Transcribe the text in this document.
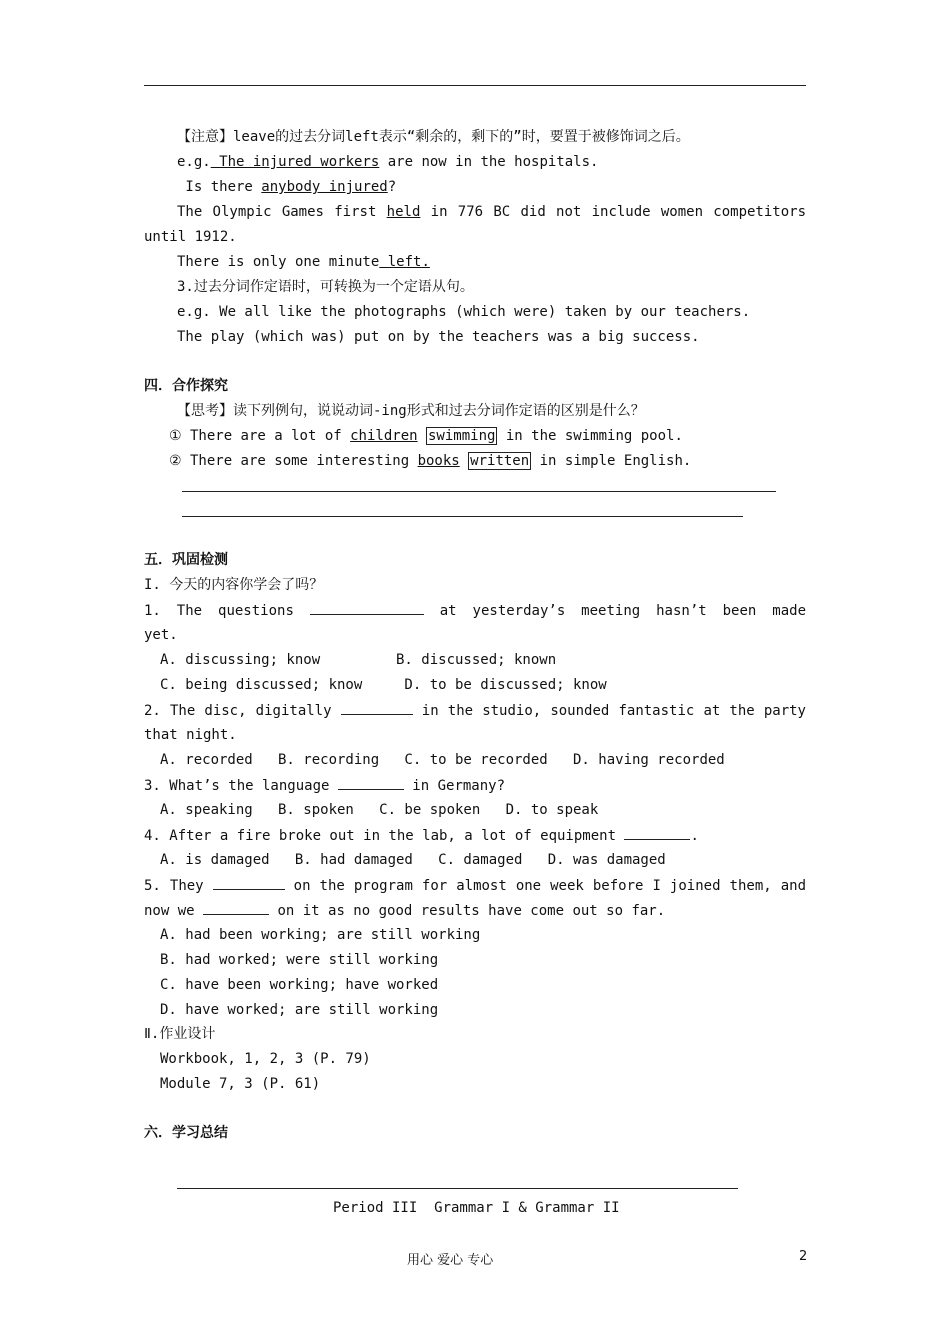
【注意】leave的过去分词left表示“剩余的，剩下的”时，要置于被修饰词之后。
e.g. The injured workers are now in the hospitals.
Is there anybody injured?
The Olympic Games first held in 776 BC did not include women competitors
until 1912.
There is only one minute left.
3.过去分词作定语时，可转换为一个定语从句。
e.g. We all like the photographs (which were) taken by our teachers.
The play (which was) put on by the teachers was a big success.
四．合作探究
【思考】读下列例句，说说动词-ing形式和过去分词作定语的区别是什么？
① There are a lot of children swimming in the swimming pool.
② There are some interesting books written in simple English.
五．巩固检测
I. 今天的内容你学会了吗？
1. The questions	at yesterday’s meeting hasn’t been made
yet.
A. discussing; know         B. discussed; known
C. being discussed; know     D. to be discussed; know
2. The disc, digitally	in the studio, sounded fantastic at the party
that night.
A. recorded   B. recording   C. to be recorded   D. having recorded
3. What’s the language	in Germany?
A. speaking   B. spoken   C. be spoken   D. to speak
4. After a fire broke out in the lab, a lot of equipment	.
A. is damaged   B. had damaged   C. damaged   D. was damaged
5. They	on the program for almost one week before I joined them, and
now we	on it as no good results have come out so far.
A. had been working; are still working
B. had worked; were still working
C. have been working; have worked
D. have worked; are still working
Ⅱ.作业设计
Workbook, 1, 2, 3 (P. 79)
Module 7, 3 (P. 61)
六．学习总结
Period III  Grammar I & Grammar II
用心 爱心 专心	2
